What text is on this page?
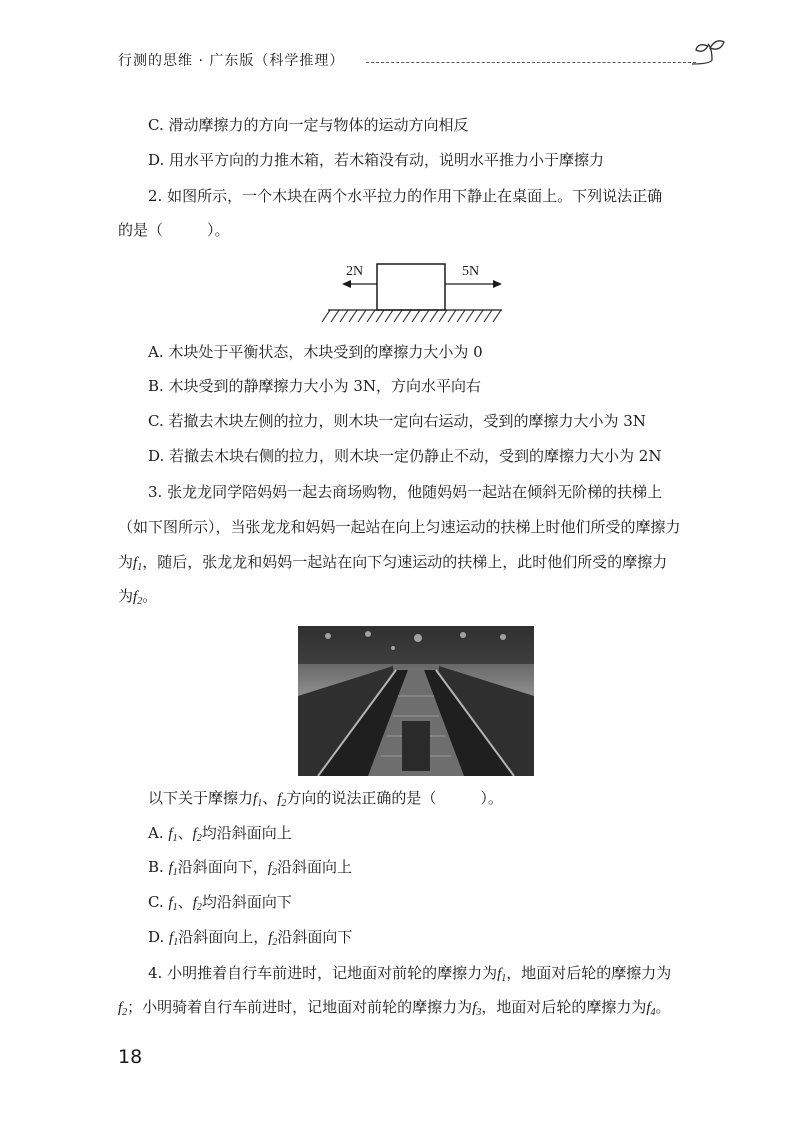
行测的思维 · 广东版（科学推理）
C. 滑动摩擦力的方向一定与物体的运动方向相反
D. 用水平方向的力推木箱，若木箱没有动，说明水平推力小于摩擦力
2. 如图所示，一个木块在两个水平拉力的作用下静止在桌面上。下列说法正确
的是（	）。
2N	5N
A. 木块处于平衡状态，木块受到的摩擦力大小为 0
B. 木块受到的静摩擦力大小为 3N，方向水平向右
C. 若撤去木块左侧的拉力，则木块一定向右运动，受到的摩擦力大小为 3N
D. 若撤去木块右侧的拉力，则木块一定仍静止不动，受到的摩擦力大小为 2N
3. 张龙龙同学陪妈妈一起去商场购物，他随妈妈一起站在倾斜无阶梯的扶梯上
（如下图所示），当张龙龙和妈妈一起站在向上匀速运动的扶梯上时他们所受的摩擦力
为$f_1$，随后，张龙龙和妈妈一起站在向下匀速运动的扶梯上，此时他们所受的摩擦力
为$f_2$。
以下关于摩擦力$f_1$、$f_2$方向的说法正确的是（	）。
A. $f_1$、$f_2$均沿斜面向上
B. $f_1$沿斜面向下，$f_2$沿斜面向上
C. $f_1$、$f_2$均沿斜面向下
D. $f_1$沿斜面向上，$f_2$沿斜面向下
4. 小明推着自行车前进时，记地面对前轮的摩擦力为$f_1$，地面对后轮的摩擦力为
$f_2$；小明骑着自行车前进时，记地面对前轮的摩擦力为$f_3$，地面对后轮的摩擦力为$f_4$。
18
